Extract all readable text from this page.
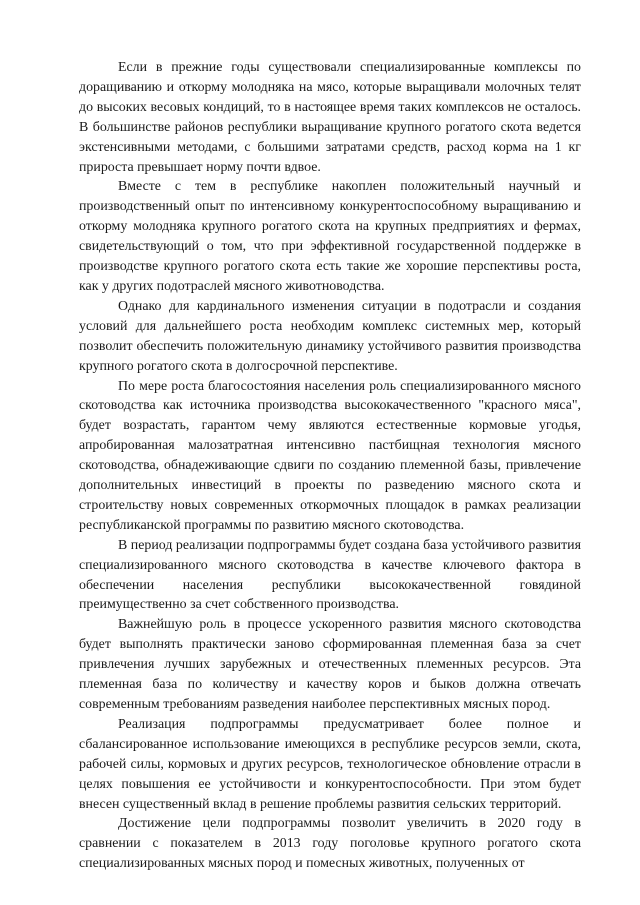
Если в прежние годы существовали специализированные комплексы по доращиванию и откорму молодняка на мясо, которые выращивали молочных телят до высоких весовых кондиций, то в настоящее время таких комплексов не осталось. В большинстве районов республики выращивание крупного рогатого скота ведется экстенсивными методами, с большими затратами средств, расход корма на 1 кг прироста превышает норму почти вдвое.

Вместе с тем в республике накоплен положительный научный и производственный опыт по интенсивному конкурентоспособному выращиванию и откорму молодняка крупного рогатого скота на крупных предприятиях и фермах, свидетельствующий о том, что при эффективной государственной поддержке в производстве крупного рогатого скота есть такие же хорошие перспективы роста, как у других подотраслей мясного животноводства.

Однако для кардинального изменения ситуации в подотрасли и создания условий для дальнейшего роста необходим комплекс системных мер, который позволит обеспечить положительную динамику устойчивого развития производства крупного рогатого скота в долгосрочной перспективе.

По мере роста благосостояния населения роль специализированного мясного скотоводства как источника производства высококачественного "красного мяса", будет возрастать, гарантом чему являются естественные кормовые угодья, апробированная малозатратная интенсивно пастбищная технология мясного скотоводства, обнадеживающие сдвиги по созданию племенной базы, привлечение дополнительных инвестиций в проекты по разведению мясного скота и строительству новых современных откормочных площадок в рамках реализации республиканской программы по развитию мясного скотоводства.

В период реализации подпрограммы будет создана база устойчивого развития специализированного мясного скотоводства в качестве ключевого фактора в обеспечении населения республики высококачественной говядиной преимущественно за счет собственного производства.

Важнейшую роль в процессе ускоренного развития мясного скотоводства будет выполнять практически заново сформированная племенная база за счет привлечения лучших зарубежных и отечественных племенных ресурсов. Эта племенная база по количеству и качеству коров и быков должна отвечать современным требованиям разведения наиболее перспективных мясных пород.

Реализация подпрограммы предусматривает более полное и сбалансированное использование имеющихся в республике ресурсов земли, скота, рабочей силы, кормовых и других ресурсов, технологическое обновление отрасли в целях повышения ее устойчивости и конкурентоспособности. При этом будет внесен существенный вклад в решение проблемы развития сельских территорий.

Достижение цели подпрограммы позволит увеличить в 2020 году в сравнении с показателем в 2013 году поголовье крупного рогатого скота специализированных мясных пород и помесных животных, полученных от
